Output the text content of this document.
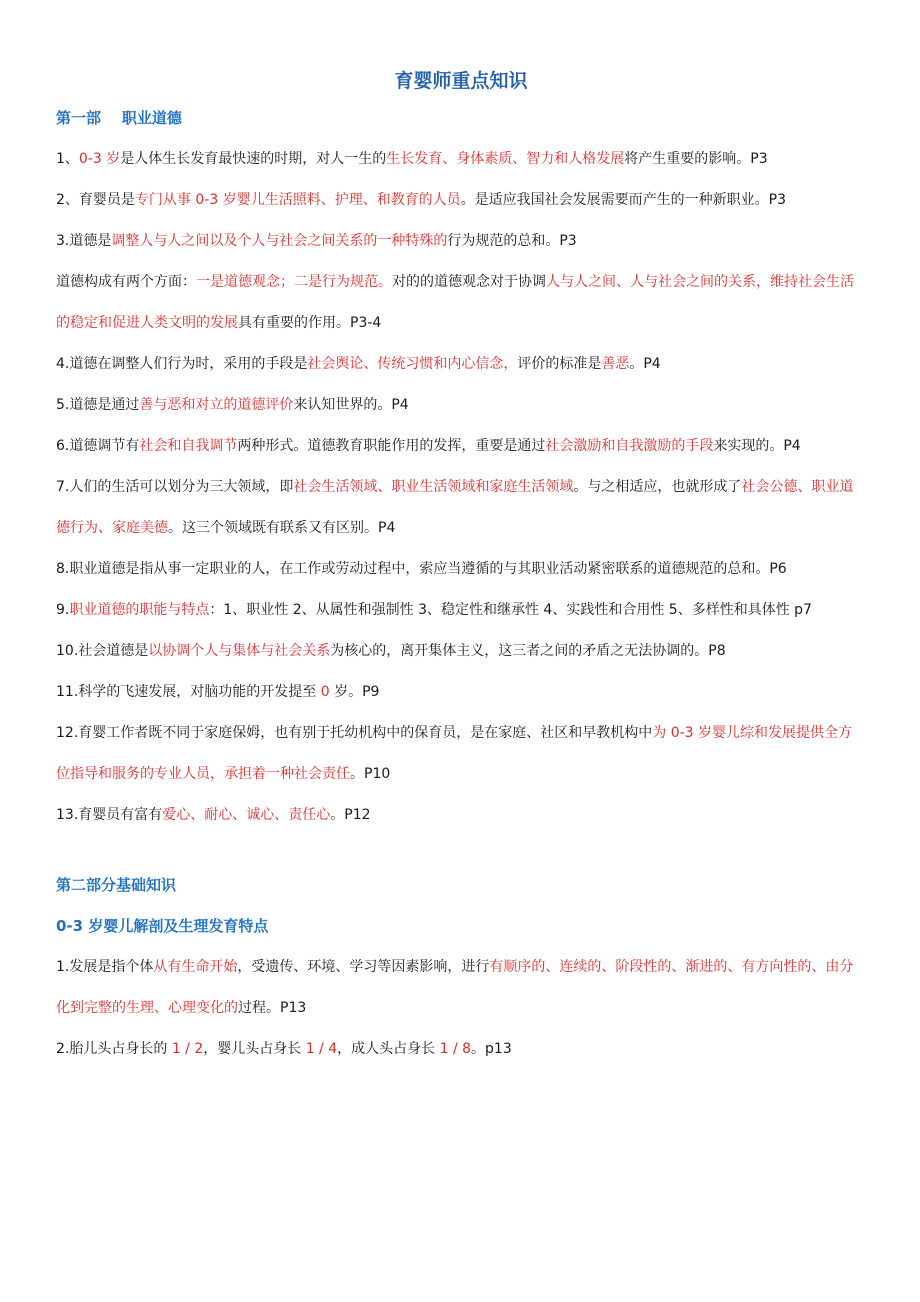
育婴师重点知识
第一部    职业道德

1、0-3 岁是人体生长发育最快速的时期，对人一生的生长发育、身体素质、智力和人格发展将产生重要的影响。P3

2、育婴员是专门从事 0-3 岁婴儿生活照料、护理、和教育的人员。是适应我国社会发展需要而产生的一种新职业。P3

3.道德是调整人与人之间以及个人与社会之间关系的一种特殊的行为规范的总和。P3

道德构成有两个方面：一是道德观念；二是行为规范。对的的道德观念对于协调人与人之间、人与社会之间的关系，维持社会生活的稳定和促进人类文明的发展具有重要的作用。P3-4

4.道德在调整人们行为时，采用的手段是社会舆论、传统习惯和内心信念，评价的标准是善恶。P4

5.道德是通过善与恶和对立的道德评价来认知世界的。P4

6.道德调节有社会和自我调节两种形式。道德教育职能作用的发挥，重要是通过社会激励和自我激励的手段来实现的。P4

7.人们的生活可以划分为三大领域，即社会生活领域、职业生活领域和家庭生活领域。与之相适应，也就形成了社会公德、职业道德行为、家庭美德。这三个领域既有联系又有区别。P4

8.职业道德是指从事一定职业的人，在工作或劳动过程中，索应当遵循的与其职业活动紧密联系的道德规范的总和。P6

9.职业道德的职能与特点：1、职业性 2、从属性和强制性 3、稳定性和继承性 4、实践性和合用性 5、多样性和具体性 p7

10.社会道德是以协调个人与集体与社会关系为核心的，离开集体主义，这三者之间的矛盾之无法协调的。P8

11.科学的飞速发展，对脑功能的开发提至 0 岁。P9

12.育婴工作者既不同于家庭保姆，也有别于托幼机构中的保育员，是在家庭、社区和早教机构中为 0-3 岁婴儿综和发展提供全方位指导和服务的专业人员，承担着一种社会责任。P10

13.育婴员有富有爱心、耐心、诚心、责任心。P12

第二部分基础知识
0-3 岁婴儿解剖及生理发育特点

1.发展是指个体从有生命开始，受遗传、环境、学习等因素影响，进行有顺序的、连续的、阶段性的、渐进的、有方向性的、由分化到完整的生理、心理变化的过程。P13

2.胎儿头占身长的 1 / 2，婴儿头占身长 1 / 4，成人头占身长 1 / 8。p13
